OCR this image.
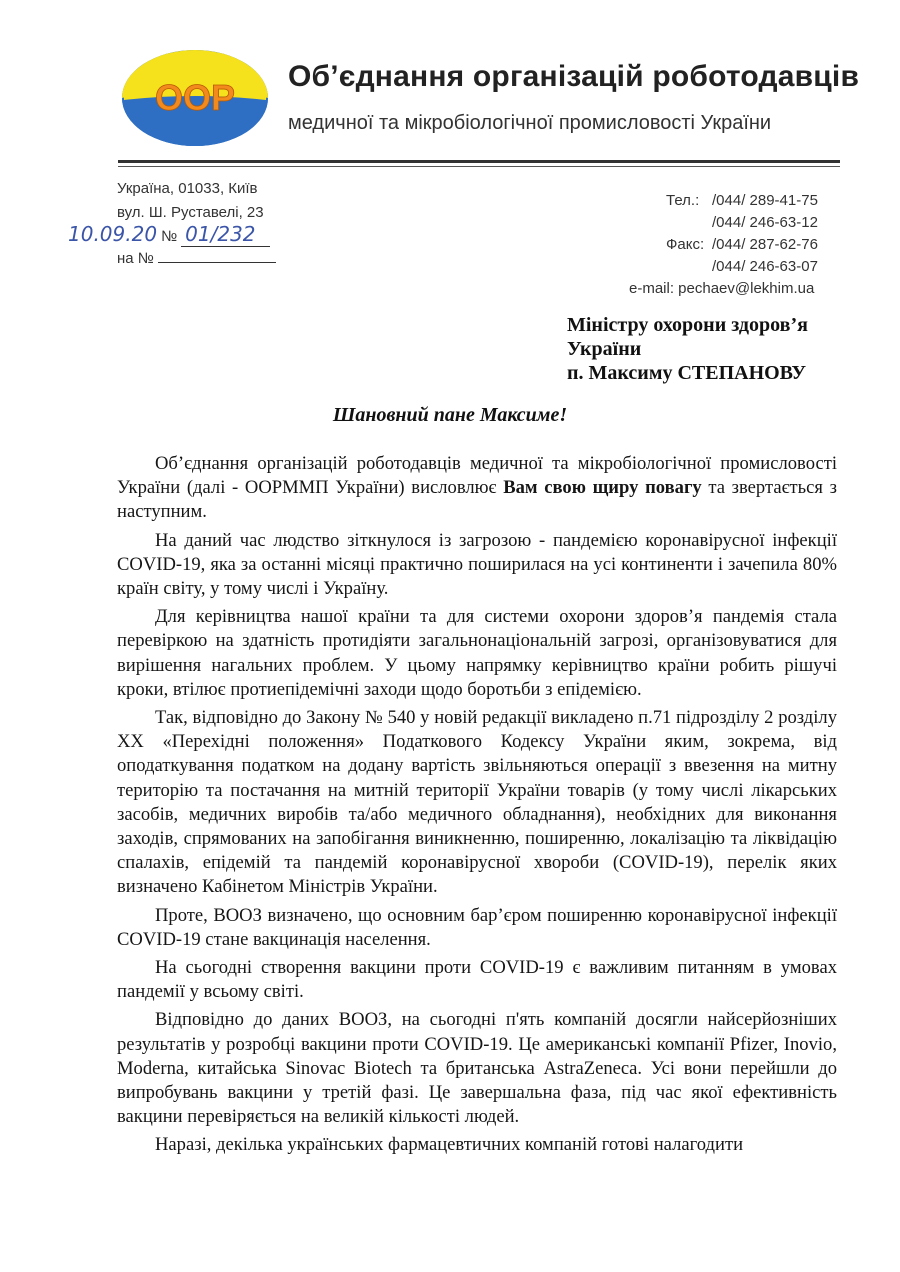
ООР
Об’єднання організацій роботодавців
медичної та мікробіологічної промисловості України
Україна, 01033, Київ
вул. Ш. Руставелі, 23
10.09.20 № 01/232
на №
Тел.: /044/ 289-41-75
/044/ 246-63-12
Факс: /044/ 287-62-76
/044/ 246-63-07
e-mail: pechaev@lekhim.ua
Міністру охорони здоров’я
України
п. Максиму СТЕПАНОВУ
Шановний пане Максиме!

Об’єднання організацій роботодавців медичної та мікробіологічної промисловості України (далі - ООРММП України) висловлює Вам свою щиру повагу та звертається з наступним.

На даний час людство зіткнулося із загрозою - пандемією коронавірусної інфекції COVID-19, яка за останні місяці практично поширилася на усі континенти і зачепила 80% країн світу, у тому числі і Україну.

Для керівництва нашої країни та для системи охорони здоров’я пандемія стала перевіркою на здатність протидіяти загальнонаціональній загрозі, організовуватися для вирішення нагальних проблем. У цьому напрямку керівництво країни робить рішучі кроки, втілює протиепідемічні заходи щодо боротьби з епідемією.

Так, відповідно до Закону № 540 у новій редакції викладено п.71 підрозділу 2 розділу ХХ «Перехідні положення» Податкового Кодексу України яким, зокрема, від оподаткування податком на додану вартість звільняються операції з ввезення на митну територію та постачання на митній території України товарів (у тому числі лікарських засобів, медичних виробів та/або медичного обладнання), необхідних для виконання заходів, спрямованих на запобігання виникненню, поширенню, локалізацію та ліквідацію спалахів, епідемій та пандемій коронавірусної хвороби (COVID-19), перелік яких визначено Кабінетом Міністрів України.

Проте, ВООЗ визначено, що основним бар’єром поширенню коронавірусної інфекції COVID-19 стане вакцинація населення.

На сьогодні створення вакцини проти COVID-19 є важливим питанням в умовах пандемії у всьому світі.

Відповідно до даних ВООЗ, на сьогодні п'ять компаній досягли найсерйозніших результатів у розробці вакцини проти COVID-19. Це американські компанії Pfizer, Inovio, Moderna, китайська Sinovac Biotech та британська AstraZeneca. Усі вони перейшли до випробувань вакцини у третій фазі. Це завершальна фаза, під час якої ефективність вакцини перевіряється на великій кількості людей.

Наразі, декілька українських фармацевтичних компаній готові налагодити
